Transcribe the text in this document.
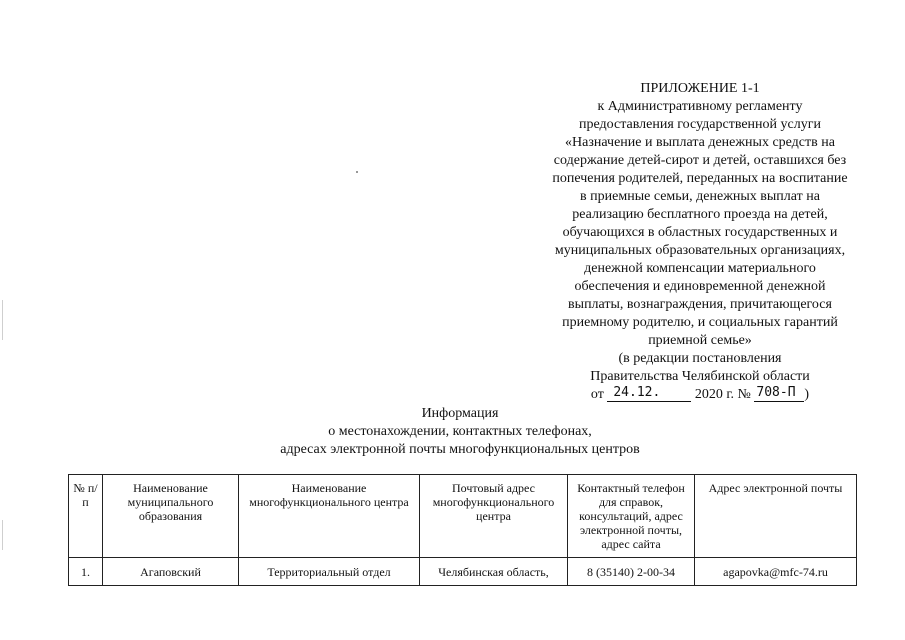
ПРИЛОЖЕНИЕ 1-1
к Административному регламенту
предоставления государственной услуги
«Назначение и выплата денежных средств на
содержание детей-сирот и детей, оставшихся без
попечения родителей, переданных на воспитание
в приемные семьи, денежных выплат на
реализацию бесплатного проезда на детей,
обучающихся в областных государственных и
муниципальных образовательных организациях,
денежной компенсации материального
обеспечения и единовременной денежной
выплаты, вознаграждения, причитающегося
приемному родителю, и социальных гарантий
приемной семье»
(в редакции постановления
Правительства Челябинской области
от 24.12. 2020 г. № 708-П )
Информация
о местонахождении, контактных телефонах,
адресах электронной почты многофункциональных центров
№ п/п	Наименование муниципального образования	Наименование многофункционального центра	Почтовый адрес многофункционального центра	Контактный телефон для справок, консультаций, адрес электронной почты, адрес сайта	Адрес электронной почты
1.	Агаповский	Территориальный отдел	Челябинская область,	8 (35140) 2-00-34	agapovka@mfc-74.ru
